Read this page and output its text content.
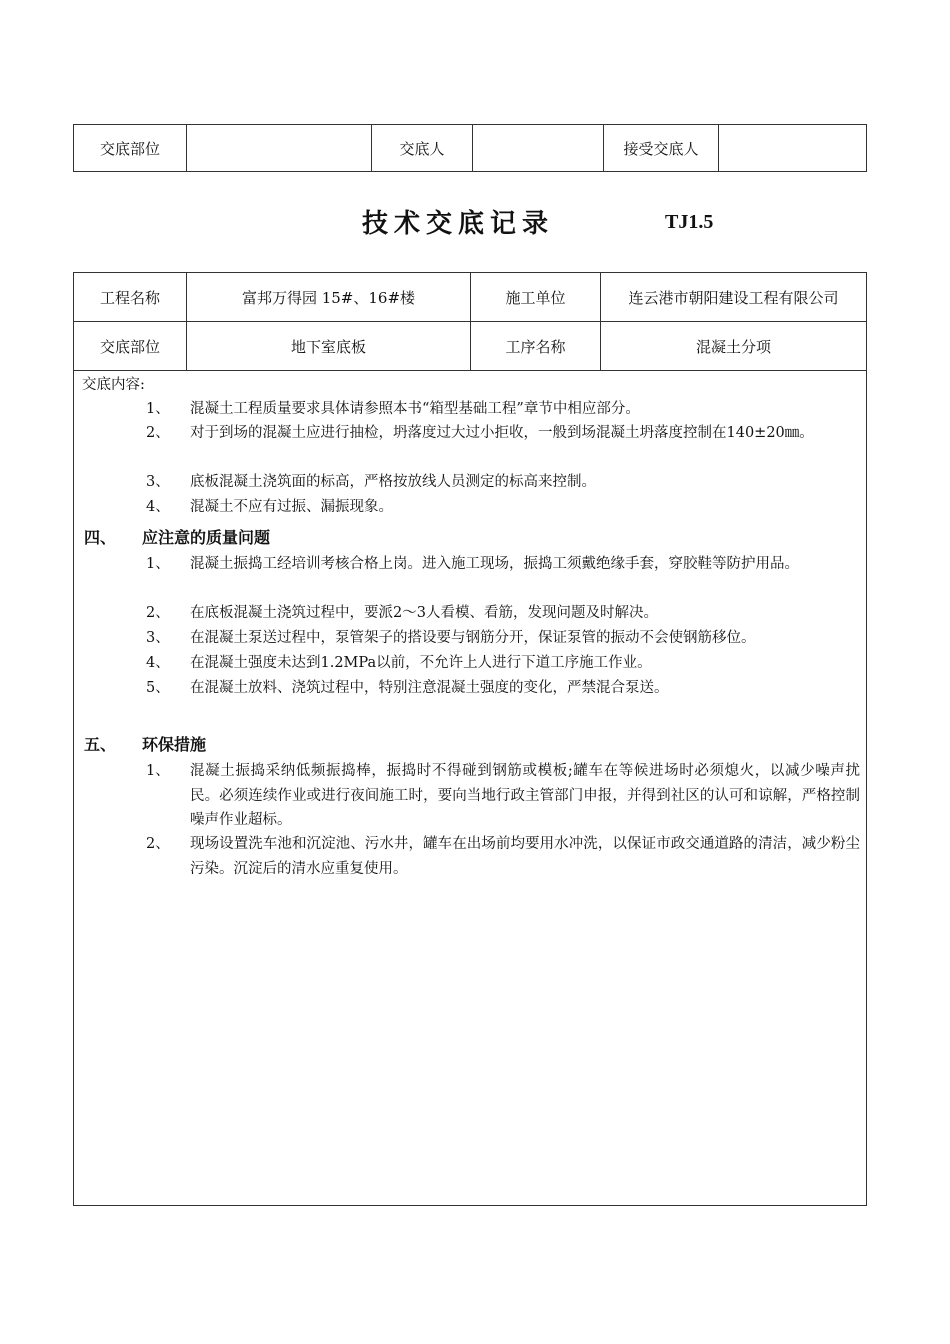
交底部位		交底人		接受交底人	
技术交底记录	TJ1.5
工程名称	富邦万得园 15#、16#楼	施工单位	连云港市朝阳建设工程有限公司
交底部位	地下室底板	工序名称	混凝土分项
交底内容:
1、 混凝土工程质量要求具体请参照本书“箱型基础工程”章节中相应部分。
2、 对于到场的混凝土应进行抽检，坍落度过大过小拒收，一般到场混凝土坍落度控制在140±20㎜。
3、 底板混凝土浇筑面的标高，严格按放线人员测定的标高来控制。
4、 混凝土不应有过振、漏振现象。
四、 应注意的质量问题
1、 混凝土振捣工经培训考核合格上岗。进入施工现场，振捣工须戴绝缘手套，穿胶鞋等防护用品。
2、 在底板混凝土浇筑过程中，要派2～3人看模、看筋，发现问题及时解决。
3、 在混凝土泵送过程中，泵管架子的搭设要与钢筋分开，保证泵管的振动不会使钢筋移位。
4、 在混凝土强度未达到1.2MPa以前，不允许上人进行下道工序施工作业。
5、 在混凝土放料、浇筑过程中，特别注意混凝土强度的变化，严禁混合泵送。
五、 环保措施
1、 混凝土振捣采纳低频振捣棒，振捣时不得碰到钢筋或模板;罐车在等候进场时必须熄火，以减少噪声扰民。必须连续作业或进行夜间施工时，要向当地行政主管部门申报，并得到社区的认可和谅解，严格控制噪声作业超标。
2、 现场设置洗车池和沉淀池、污水井，罐车在出场前均要用水冲洗，以保证市政交通道路的清洁，减少粉尘污染。沉淀后的清水应重复使用。
